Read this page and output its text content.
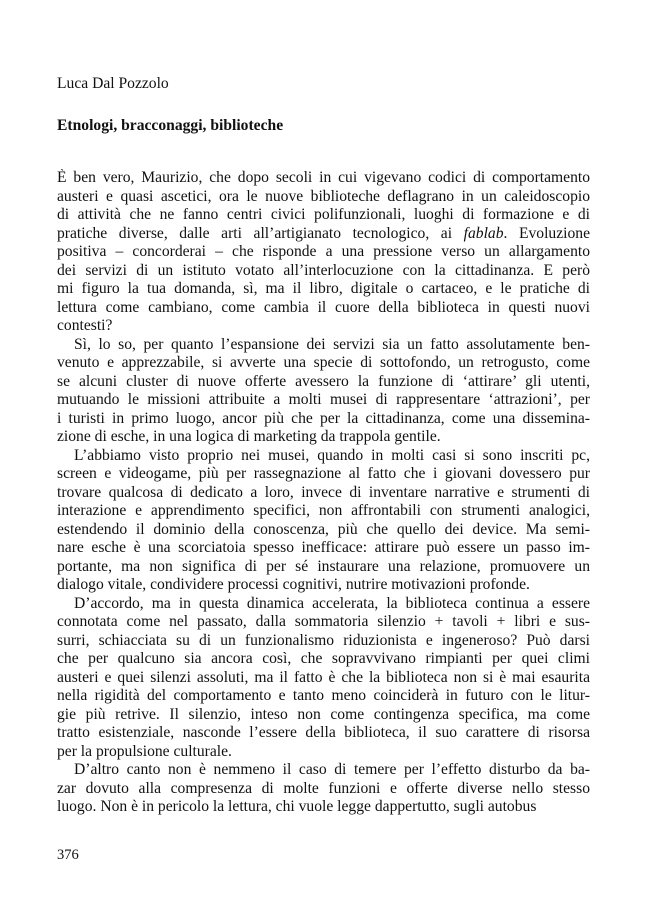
Luca Dal Pozzolo
Etnologi, bracconaggi, biblioteche
È ben vero, Maurizio, che dopo secoli in cui vigevano codici di comportamento
austeri e quasi ascetici, ora le nuove biblioteche deflagrano in un caleidoscopio
di attività che ne fanno centri civici polifunzionali, luoghi di formazione e di
pratiche diverse, dalle arti all’artigianato tecnologico, ai fablab. Evoluzione
positiva – concorderai – che risponde a una pressione verso un allargamento
dei servizi di un istituto votato all’interlocuzione con la cittadinanza. E però
mi figuro la tua domanda, sì, ma il libro, digitale o cartaceo, e le pratiche di
lettura come cambiano, come cambia il cuore della biblioteca in questi nuovi
contesti?
Sì, lo so, per quanto l’espansione dei servizi sia un fatto assolutamente ben-
venuto e apprezzabile, si avverte una specie di sottofondo, un retrogusto, come
se alcuni cluster di nuove offerte avessero la funzione di ‘attirare’ gli utenti,
mutuando le missioni attribuite a molti musei di rappresentare ‘attrazioni’, per
i turisti in primo luogo, ancor più che per la cittadinanza, come una dissemina-
zione di esche, in una logica di marketing da trappola gentile.
L’abbiamo visto proprio nei musei, quando in molti casi si sono inscriti pc,
screen e videogame, più per rassegnazione al fatto che i giovani dovessero pur
trovare qualcosa di dedicato a loro, invece di inventare narrative e strumenti di
interazione e apprendimento specifici, non affrontabili con strumenti analogici,
estendendo il dominio della conoscenza, più che quello dei device. Ma semi-
nare esche è una scorciatoia spesso inefficace: attirare può essere un passo im-
portante, ma non significa di per sé instaurare una relazione, promuovere un
dialogo vitale, condividere processi cognitivi, nutrire motivazioni profonde.
D’accordo, ma in questa dinamica accelerata, la biblioteca continua a essere
connotata come nel passato, dalla sommatoria silenzio + tavoli + libri e sus-
surri, schiacciata su di un funzionalismo riduzionista e ingeneroso? Può darsi
che per qualcuno sia ancora così, che sopravvivano rimpianti per quei climi
austeri e quei silenzi assoluti, ma il fatto è che la biblioteca non si è mai esaurita
nella rigidità del comportamento e tanto meno coinciderà in futuro con le litur-
gie più retrive. Il silenzio, inteso non come contingenza specifica, ma come
tratto esistenziale, nasconde l’essere della biblioteca, il suo carattere di risorsa
per la propulsione culturale.
D’altro canto non è nemmeno il caso di temere per l’effetto disturbo da ba-
zar dovuto alla compresenza di molte funzioni e offerte diverse nello stesso
luogo. Non è in pericolo la lettura, chi vuole legge dappertutto, sugli autobus
376
